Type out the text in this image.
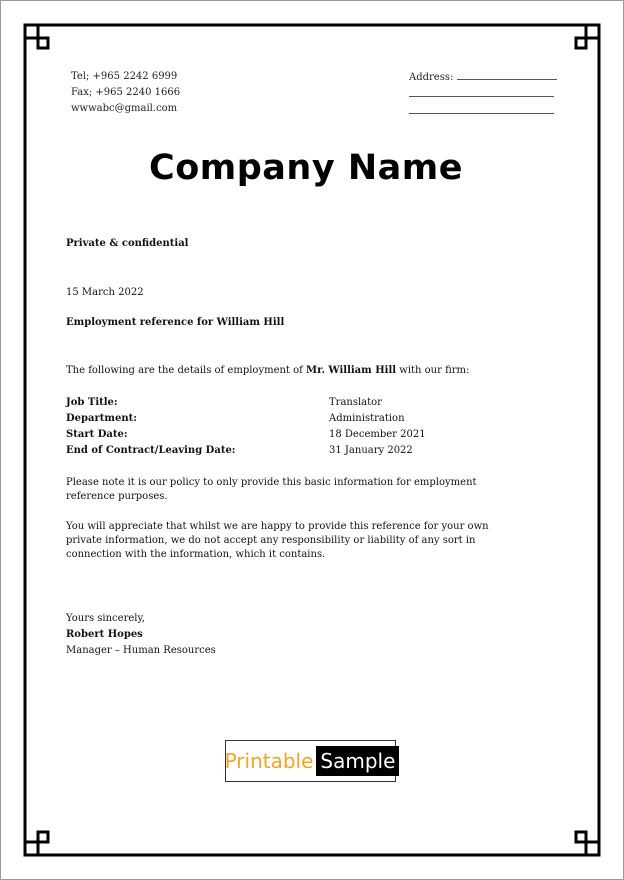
Tel; +965 2242 6999
Fax; +965 2240 1666
wwwabc@gmail.com
Address:
Company Name
Private & confidential
15 March 2022
Employment reference for William Hill
The following are the details of employment of Mr. William Hill with our firm:
Job Title:	Translator
Department:	Administration
Start Date:	18 December 2021
End of Contract/Leaving Date:	31 January 2022
Please note it is our policy to only provide this basic information for employment reference purposes.
You will appreciate that whilst we are happy to provide this reference for your own private information, we do not accept any responsibility or liability of any sort in connection with the information, which it contains.
Yours sincerely,
Robert Hopes
Manager – Human Resources
Printable Sample
